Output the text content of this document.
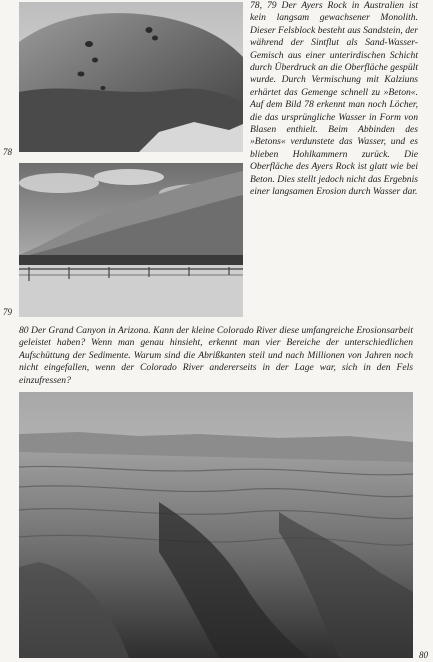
78
79

78, 79 Der Ayers Rock in Australien ist kein langsam gewachsener Monolith. Dieser Felsblock besteht aus Sandstein, der während der Sintflut als Sand-Wasser-Gemisch aus einer unterirdischen Schicht durch Überdruck an die Oberfläche gespült wurde. Durch Vermischung mit Kalziuns erhärtet das Gemenge schnell zu »Beton«. Auf dem Bild 78 erkennt man noch Löcher, die das ursprüngliche Wasser in Form von Blasen enthielt. Beim Abbinden des »Betons« verdunstete das Wasser, und es blieben Hohlkammern zurück. Die Oberfläche des Ayers Rock ist glatt wie bei Beton. Dies stellt jedoch nicht das Ergebnis einer langsamen Erosion durch Wasser dar.

80 Der Grand Canyon in Arizona. Kann der kleine Colorado River diese umfangreiche Erosionsarbeit geleistet haben? Wenn man genau hinsieht, erkennt man vier Bereiche der unterschiedlichen Aufschüttung der Sedimente. Warum sind die Abrißkanten steil und nach Millionen von Jahren noch nicht eingefallen, wenn der Colorado River andererseits in der Lage war, sich in den Fels einzufressen?

80
